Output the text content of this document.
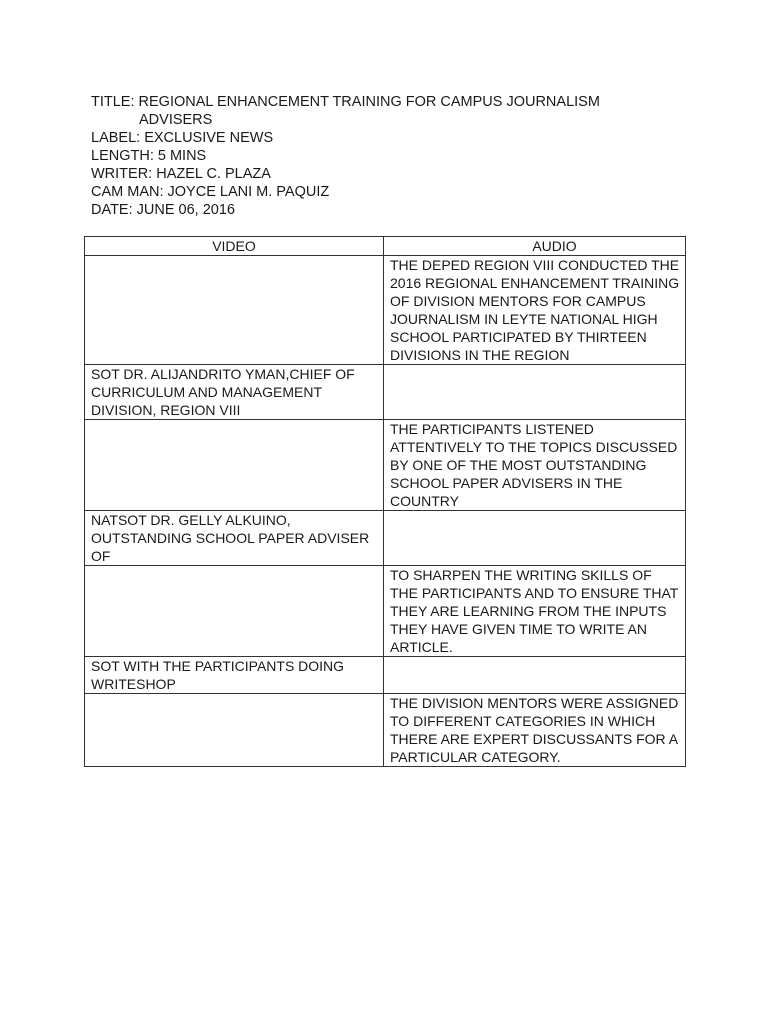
TITLE: REGIONAL ENHANCEMENT TRAINING FOR CAMPUS JOURNALISM
ADVISERS
LABEL: EXCLUSIVE NEWS
LENGTH: 5 MINS
WRITER: HAZEL C. PLAZA
CAM MAN: JOYCE LANI M. PAQUIZ
DATE: JUNE 06, 2016
VIDEO	AUDIO
	THE DEPED REGION VIII CONDUCTED THE 2016 REGIONAL ENHANCEMENT TRAINING OF DIVISION MENTORS FOR CAMPUS JOURNALISM IN LEYTE NATIONAL HIGH SCHOOL PARTICIPATED BY THIRTEEN DIVISIONS IN THE REGION
SOT DR. ALIJANDRITO YMAN,CHIEF OF CURRICULUM AND MANAGEMENT DIVISION, REGION VIII	
	THE PARTICIPANTS LISTENED ATTENTIVELY TO THE TOPICS DISCUSSED BY ONE OF THE MOST OUTSTANDING SCHOOL PAPER ADVISERS IN THE COUNTRY
NATSOT DR. GELLY ALKUINO, OUTSTANDING SCHOOL PAPER ADVISER OF	
	TO SHARPEN THE WRITING SKILLS OF THE PARTICIPANTS AND TO ENSURE THAT THEY ARE LEARNING FROM THE INPUTS THEY HAVE GIVEN TIME TO WRITE AN ARTICLE.
SOT WITH THE PARTICIPANTS DOING WRITESHOP	
	THE DIVISION MENTORS WERE ASSIGNED TO DIFFERENT CATEGORIES IN WHICH THERE ARE EXPERT DISCUSSANTS FOR A PARTICULAR CATEGORY.
